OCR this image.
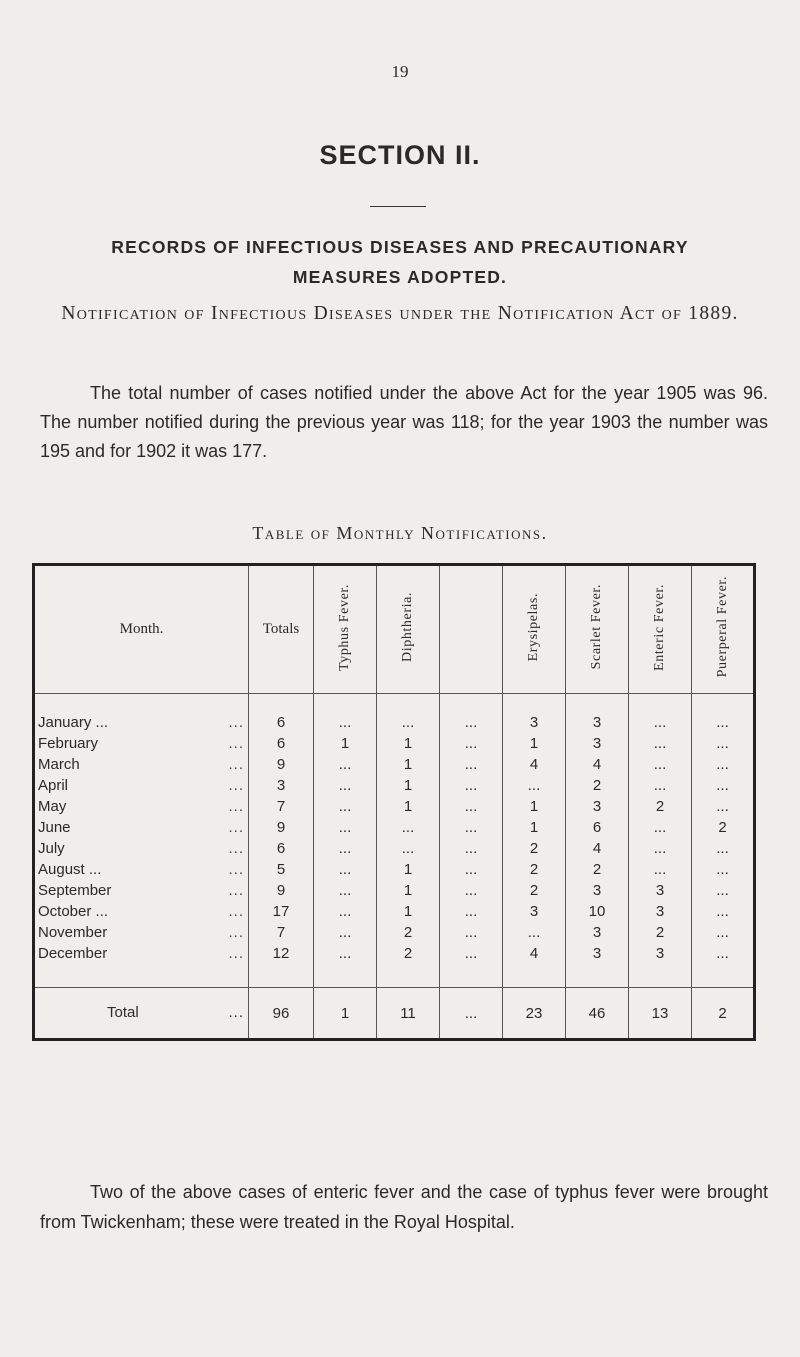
19
SECTION II.
RECORDS OF INFECTIOUS DISEASES AND PRECAUTIONARY MEASURES ADOPTED.
Notification of Infectious Diseases under the Notification Act of 1889.

The total number of cases notified under the above Act for the year 1905 was 96. The number notified during the previous year was 118; for the year 1903 the number was 195 and for 1902 it was 177.

Table of Monthly Notifications.
Month.	Totals	Typhus Fever.	Diphtheria.		Erysipelas.	Scarlet Fever.	Enteric Fever.	Puerperal Fever.

January ... ...	6	...	...	...	3	3	...	...
February ...	6	1	1	...	1	3	...	...
March ...	9	...	1	...	4	4	...	...
April ...	3	...	1	...	...	2	...	...
May ...	7	...	1	...	1	3	2	...
June ...	9	...	...	...	1	6	...	2
July ...	6	...	...	...	2	4	...	...
August ... ...	5	...	1	...	2	2	...	...
September ...	9	...	1	...	2	3	3	...
October ... ...	17	...	1	...	3	10	3	...
November ...	7	...	2	...	...	3	2	...
December ...	12	...	2	...	4	3	3	...

Total ...	96	1	11	...	23	46	13	2

Two of the above cases of enteric fever and the case of typhus fever were brought from Twickenham; these were treated in the Royal Hospital.
